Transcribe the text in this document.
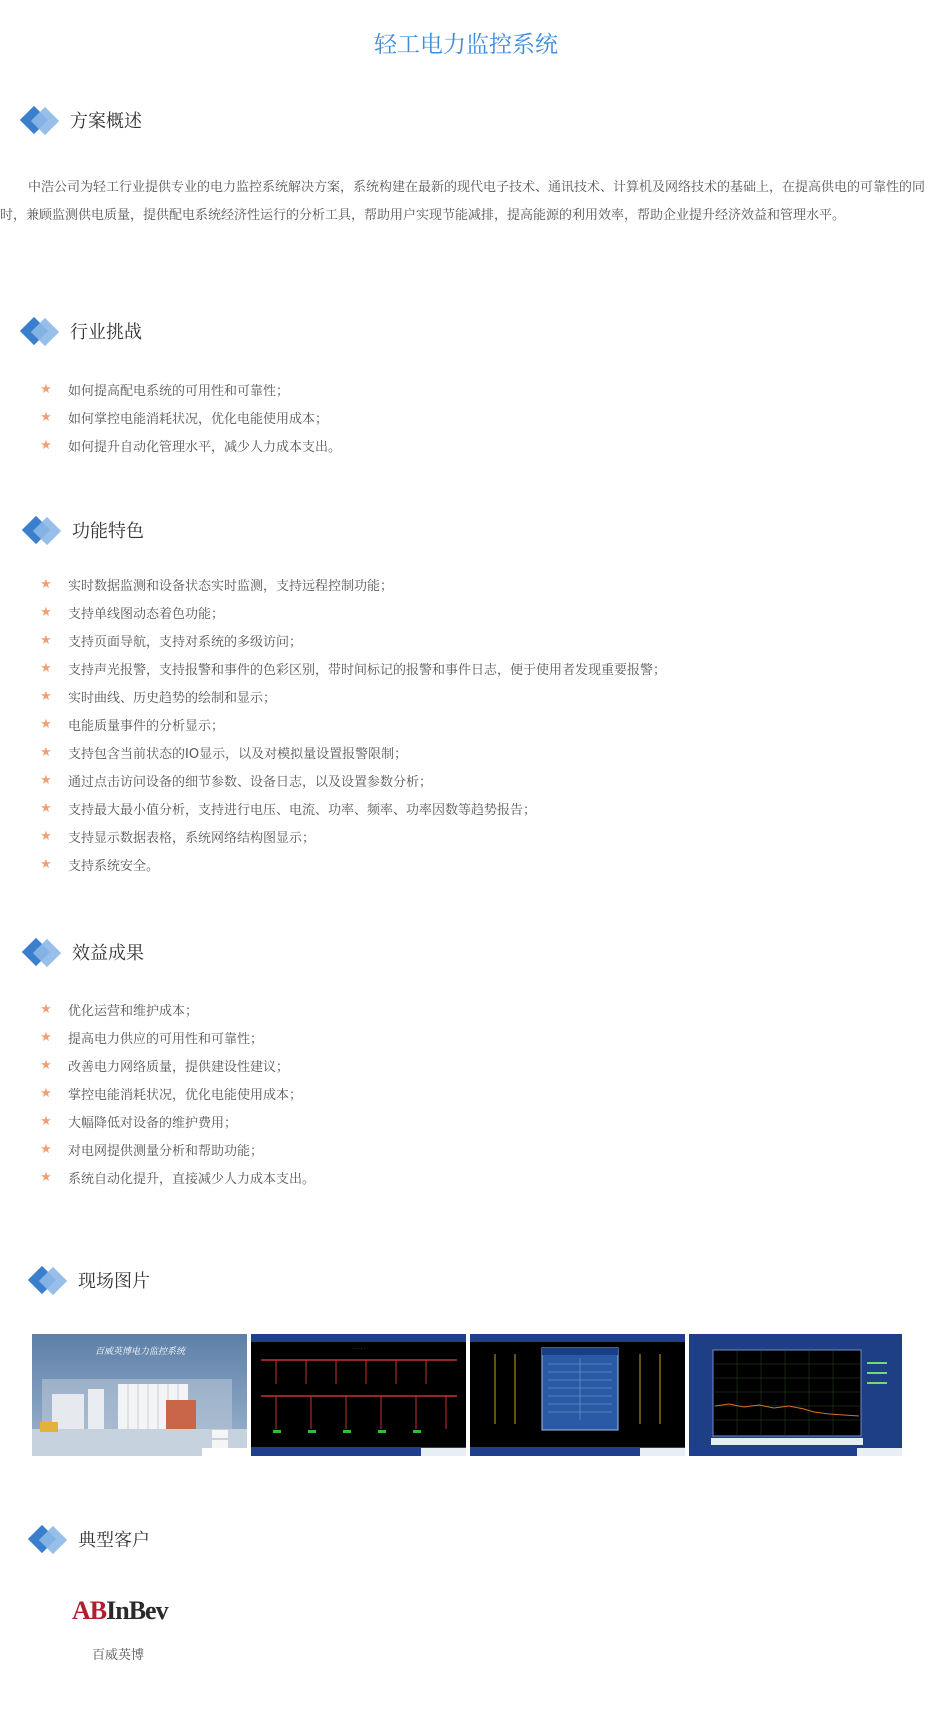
轻工电力监控系统
方案概述

中浩公司为轻工行业提供专业的电力监控系统解决方案，系统构建在最新的现代电子技术、通讯技术、计算机及网络技术的基础上，在提高供电的可靠性的同时，兼顾监测供电质量，提供配电系统经济性运行的分析工具，帮助用户实现节能减排，提高能源的利用效率，帮助企业提升经济效益和管理水平。

行业挑战
★ 如何提高配电系统的可用性和可靠性；
★ 如何掌控电能消耗状况，优化电能使用成本；
★ 如何提升自动化管理水平，减少人力成本支出。
功能特色
★ 实时数据监测和设备状态实时监测，支持远程控制功能；
★ 支持单线图动态着色功能；
★ 支持页面导航，支持对系统的多级访问；
★ 支持声光报警，支持报警和事件的色彩区别，带时间标记的报警和事件日志，便于使用者发现重要报警；
★ 实时曲线、历史趋势的绘制和显示；
★ 电能质量事件的分析显示；
★ 支持包含当前状态的IO显示，以及对模拟量设置报警限制；
★ 通过点击访问设备的细节参数、设备日志，以及设置参数分析；
★ 支持最大最小值分析，支持进行电压、电流、功率、频率、功率因数等趋势报告；
★ 支持显示数据表格，系统网络结构图显示；
★ 支持系统安全。
效益成果
★ 优化运营和维护成本；
★ 提高电力供应的可用性和可靠性；
★ 改善电力网络质量，提供建设性建议；
★ 掌控电能消耗状况，优化电能使用成本；
★ 大幅降低对设备的维护费用；
★ 对电网提供测量分析和帮助功能；
★ 系统自动化提升，直接减少人力成本支出。
现场图片
百威英博电力监控系统	· · · · ·
典型客户
ABInBev
百威英博
